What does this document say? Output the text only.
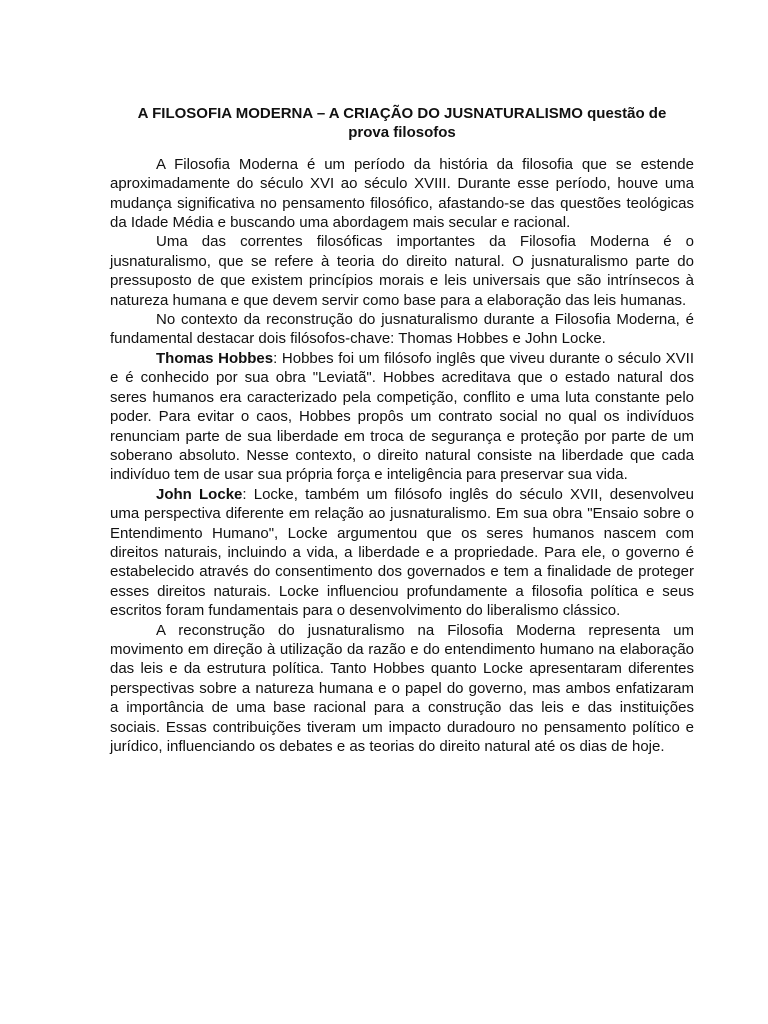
A FILOSOFIA MODERNA – A CRIAÇÃO DO JUSNATURALISMO questão de prova filosofos

A Filosofia Moderna é um período da história da filosofia que se estende aproximadamente do século XVI ao século XVIII. Durante esse período, houve uma mudança significativa no pensamento filosófico, afastando-se das questões teológicas da Idade Média e buscando uma abordagem mais secular e racional.

Uma das correntes filosóficas importantes da Filosofia Moderna é o jusnaturalismo, que se refere à teoria do direito natural. O jusnaturalismo parte do pressuposto de que existem princípios morais e leis universais que são intrínsecos à natureza humana e que devem servir como base para a elaboração das leis humanas.

No contexto da reconstrução do jusnaturalismo durante a Filosofia Moderna, é fundamental destacar dois filósofos-chave: Thomas Hobbes e John Locke.

Thomas Hobbes: Hobbes foi um filósofo inglês que viveu durante o século XVII e é conhecido por sua obra "Leviatã". Hobbes acreditava que o estado natural dos seres humanos era caracterizado pela competição, conflito e uma luta constante pelo poder. Para evitar o caos, Hobbes propôs um contrato social no qual os indivíduos renunciam parte de sua liberdade em troca de segurança e proteção por parte de um soberano absoluto. Nesse contexto, o direito natural consiste na liberdade que cada indivíduo tem de usar sua própria força e inteligência para preservar sua vida.

John Locke: Locke, também um filósofo inglês do século XVII, desenvolveu uma perspectiva diferente em relação ao jusnaturalismo. Em sua obra "Ensaio sobre o Entendimento Humano", Locke argumentou que os seres humanos nascem com direitos naturais, incluindo a vida, a liberdade e a propriedade. Para ele, o governo é estabelecido através do consentimento dos governados e tem a finalidade de proteger esses direitos naturais. Locke influenciou profundamente a filosofia política e seus escritos foram fundamentais para o desenvolvimento do liberalismo clássico.

A reconstrução do jusnaturalismo na Filosofia Moderna representa um movimento em direção à utilização da razão e do entendimento humano na elaboração das leis e da estrutura política. Tanto Hobbes quanto Locke apresentaram diferentes perspectivas sobre a natureza humana e o papel do governo, mas ambos enfatizaram a importância de uma base racional para a construção das leis e das instituições sociais. Essas contribuições tiveram um impacto duradouro no pensamento político e jurídico, influenciando os debates e as teorias do direito natural até os dias de hoje.
